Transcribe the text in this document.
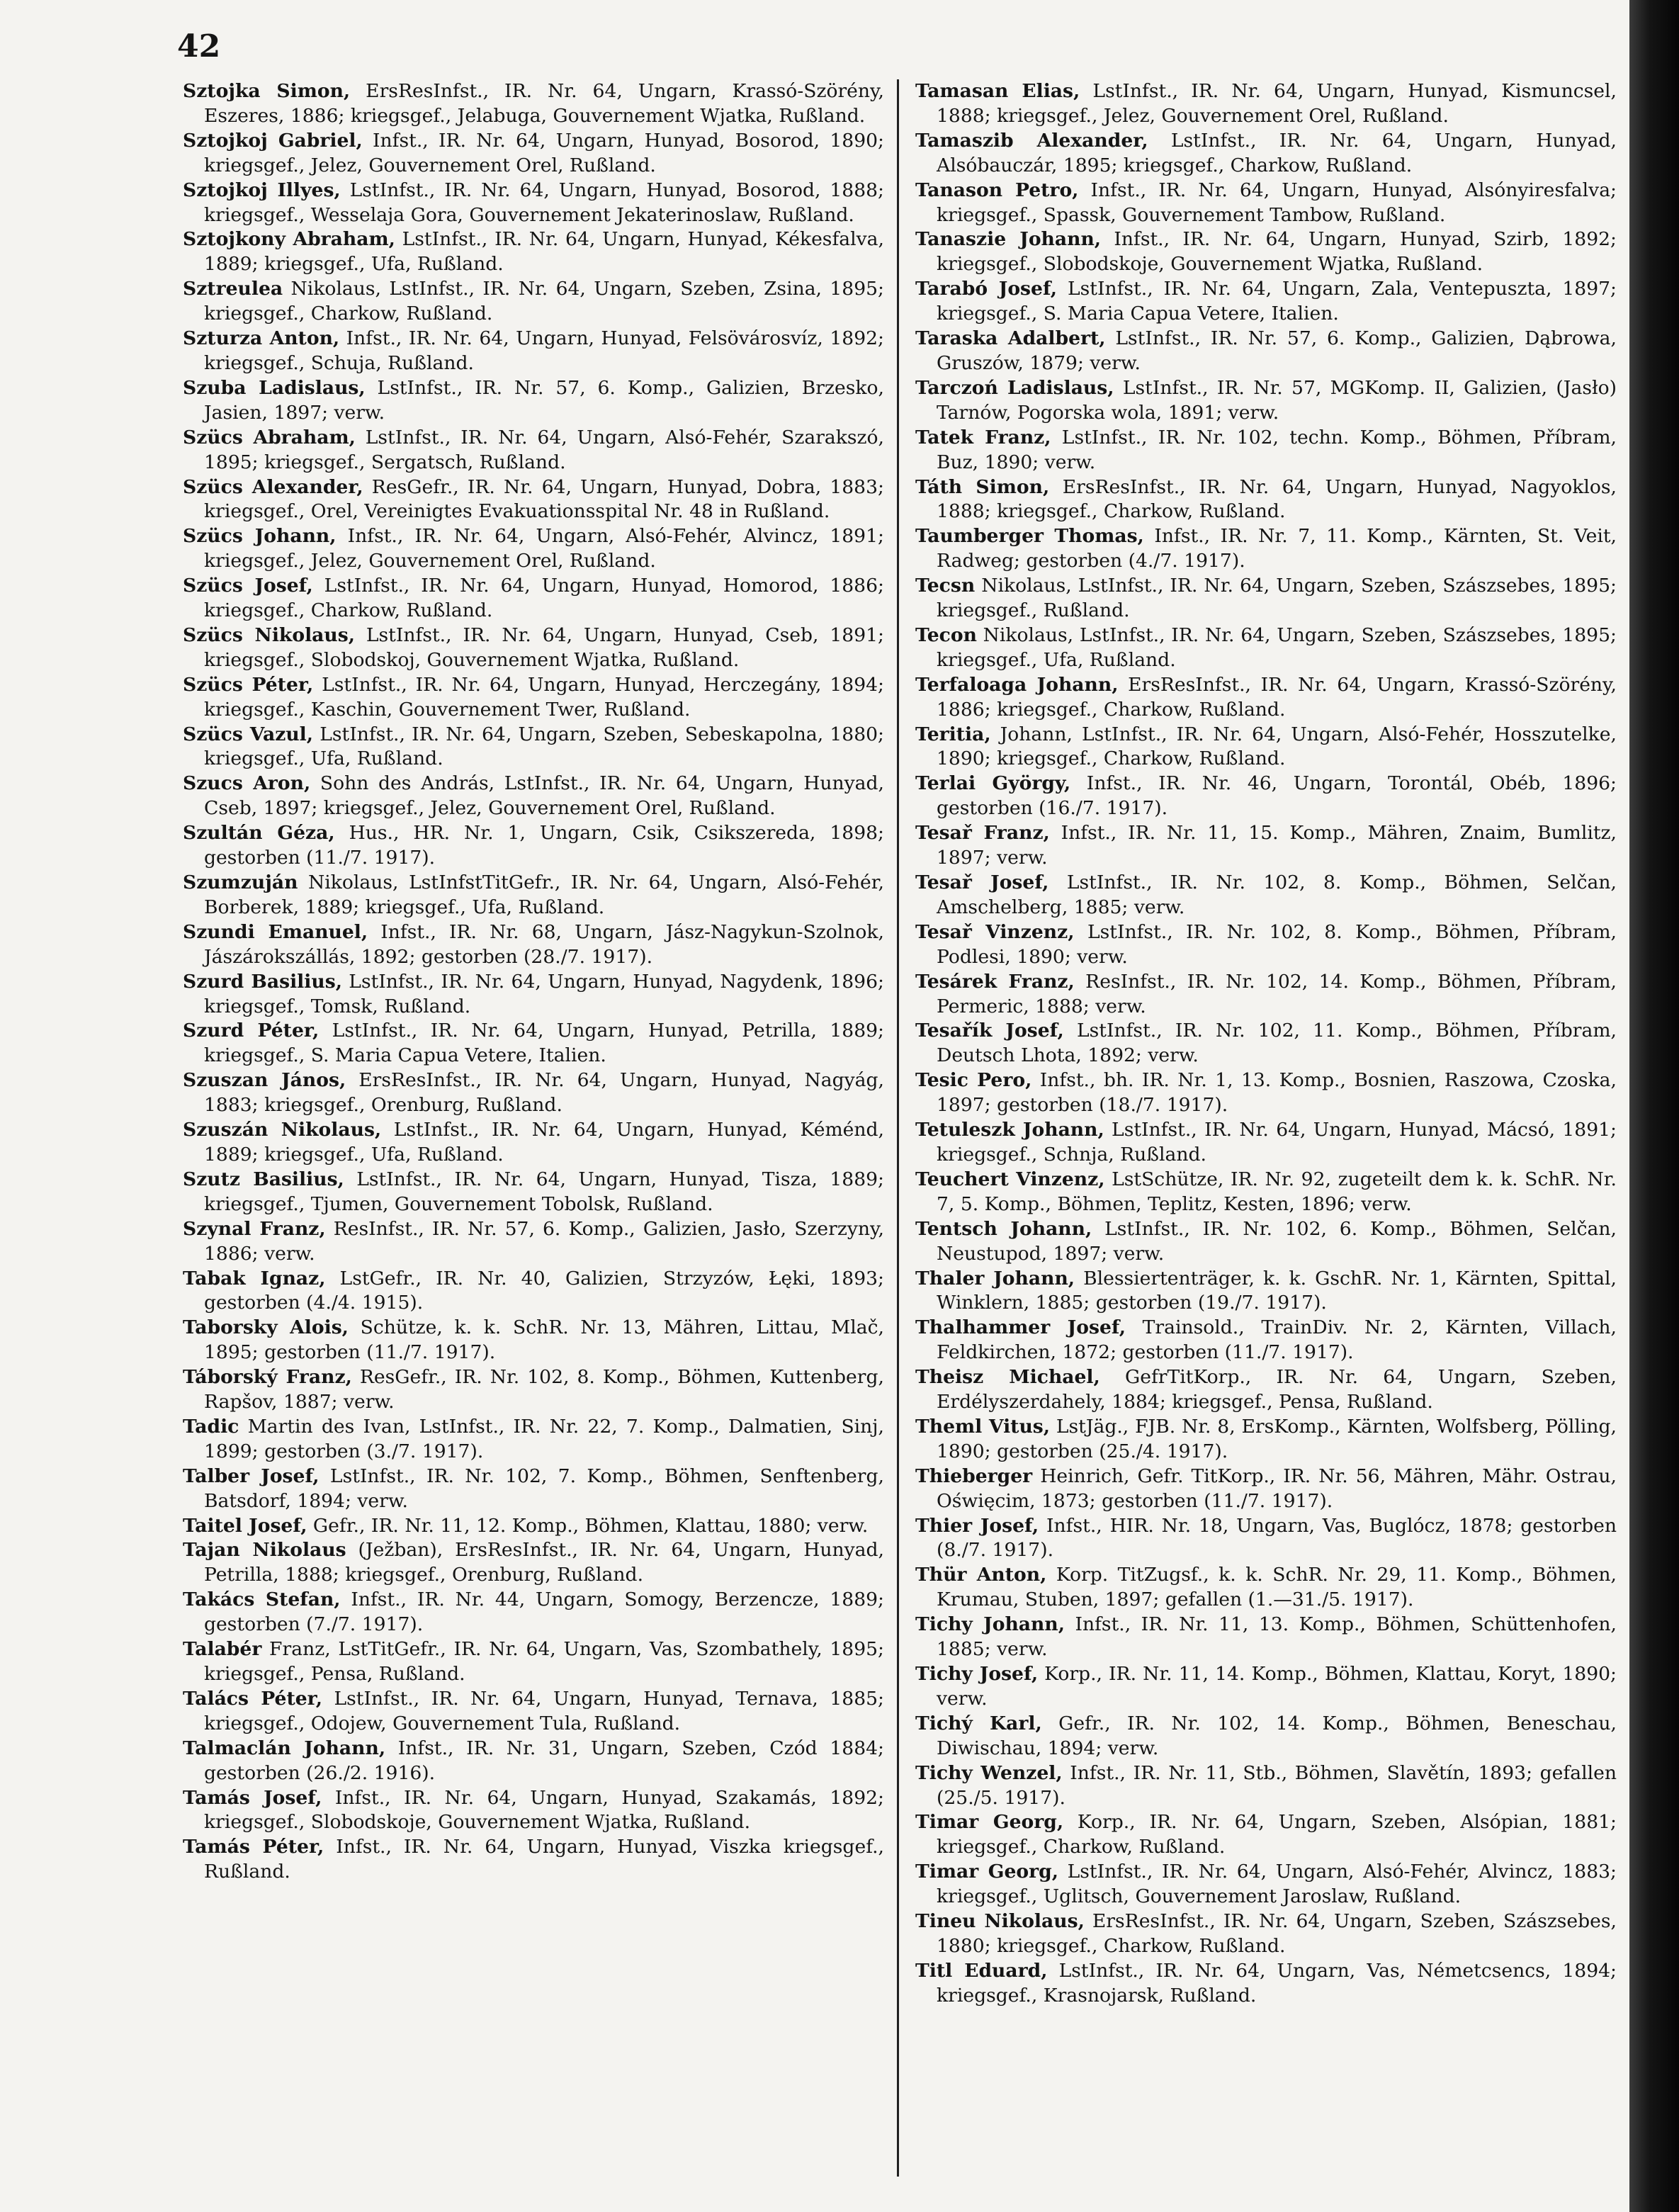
42

Sztojka Simon, ErsResInfst., IR. Nr. 64, Ungarn, Krassó-Szörény, Eszeres, 1886; kriegsgef., Jelabuga, Gouvernement Wjatka, Rußland.

Sztojkoj Gabriel, Infst., IR. Nr. 64, Ungarn, Hunyad, Bosorod, 1890; kriegsgef., Jelez, Gouvernement Orel, Rußland.

Sztojkoj Illyes, LstInfst., IR. Nr. 64, Ungarn, Hunyad, Bosorod, 1888; kriegsgef., Wesselaja Gora, Gouvernement Jekaterinoslaw, Rußland.

Sztojkony Abraham, LstInfst., IR. Nr. 64, Ungarn, Hunyad, Kékesfalva, 1889; kriegsgef., Ufa, Rußland.

Sztreulea Nikolaus, LstInfst., IR. Nr. 64, Ungarn, Szeben, Zsina, 1895; kriegsgef., Charkow, Rußland.

Szturza Anton, Infst., IR. Nr. 64, Ungarn, Hunyad, Felsövárosvíz, 1892; kriegsgef., Schuja, Rußland.

Szuba Ladislaus, LstInfst., IR. Nr. 57, 6. Komp., Galizien, Brzesko, Jasien, 1897; verw.

Szücs Abraham, LstInfst., IR. Nr. 64, Ungarn, Alsó-Fehér, Szarakszó, 1895; kriegsgef., Sergatsch, Rußland.

Szücs Alexander, ResGefr., IR. Nr. 64, Ungarn, Hunyad, Dobra, 1883; kriegsgef., Orel, Vereinigtes Evakuationsspital Nr. 48 in Rußland.

Szücs Johann, Infst., IR. Nr. 64, Ungarn, Alsó-Fehér, Alvincz, 1891; kriegsgef., Jelez, Gouvernement Orel, Rußland.

Szücs Josef, LstInfst., IR. Nr. 64, Ungarn, Hunyad, Homorod, 1886; kriegsgef., Charkow, Rußland.

Szücs Nikolaus, LstInfst., IR. Nr. 64, Ungarn, Hunyad, Cseb, 1891; kriegsgef., Slobodskoj, Gouvernement Wjatka, Rußland.

Szücs Péter, LstInfst., IR. Nr. 64, Ungarn, Hunyad, Herczegány, 1894; kriegsgef., Kaschin, Gouvernement Twer, Rußland.

Szücs Vazul, LstInfst., IR. Nr. 64, Ungarn, Szeben, Sebeskapolna, 1880; kriegsgef., Ufa, Rußland.

Szucs Aron, Sohn des András, LstInfst., IR. Nr. 64, Ungarn, Hunyad, Cseb, 1897; kriegsgef., Jelez, Gouvernement Orel, Rußland.

Szultán Géza, Hus., HR. Nr. 1, Ungarn, Csik, Csikszereda, 1898; gestorben (11./7. 1917).

Szumzuján Nikolaus, LstInfstTitGefr., IR. Nr. 64, Ungarn, Alsó-Fehér, Borberek, 1889; kriegsgef., Ufa, Rußland.

Szundi Emanuel, Infst., IR. Nr. 68, Ungarn, Jász-Nagykun-Szolnok, Jászárokszállás, 1892; gestorben (28./7. 1917).

Szurd Basilius, LstInfst., IR. Nr. 64, Ungarn, Hunyad, Nagydenk, 1896; kriegsgef., Tomsk, Rußland.

Szurd Péter, LstInfst., IR. Nr. 64, Ungarn, Hunyad, Petrilla, 1889; kriegsgef., S. Maria Capua Vetere, Italien.

Szuszan János, ErsResInfst., IR. Nr. 64, Ungarn, Hunyad, Nagyág, 1883; kriegsgef., Orenburg, Rußland.

Szuszán Nikolaus, LstInfst., IR. Nr. 64, Ungarn, Hunyad, Kéménd, 1889; kriegsgef., Ufa, Rußland.

Szutz Basilius, LstInfst., IR. Nr. 64, Ungarn, Hunyad, Tisza, 1889; kriegsgef., Tjumen, Gouvernement Tobolsk, Rußland.

Szynal Franz, ResInfst., IR. Nr. 57, 6. Komp., Galizien, Jasło, Szerzyny, 1886; verw.

Tabak Ignaz, LstGefr., IR. Nr. 40, Galizien, Strzyzów, Łęki, 1893; gestorben (4./4. 1915).

Taborsky Alois, Schütze, k. k. SchR. Nr. 13, Mähren, Littau, Mlač, 1895; gestorben (11./7. 1917).

Táborský Franz, ResGefr., IR. Nr. 102, 8. Komp., Böhmen, Kuttenberg, Rapšov, 1887; verw.

Tadic Martin des Ivan, LstInfst., IR. Nr. 22, 7. Komp., Dalmatien, Sinj, 1899; gestorben (3./7. 1917).

Talber Josef, LstInfst., IR. Nr. 102, 7. Komp., Böhmen, Senftenberg, Batsdorf, 1894; verw.

Taitel Josef, Gefr., IR. Nr. 11, 12. Komp., Böhmen, Klattau, 1880; verw.

Tajan Nikolaus (Ježban), ErsResInfst., IR. Nr. 64, Ungarn, Hunyad, Petrilla, 1888; kriegsgef., Orenburg, Rußland.

Takács Stefan, Infst., IR. Nr. 44, Ungarn, Somogy, Berzencze, 1889; gestorben (7./7. 1917).

Talabér Franz, LstTitGefr., IR. Nr. 64, Ungarn, Vas, Szombathely, 1895; kriegsgef., Pensa, Rußland.

Talács Péter, LstInfst., IR. Nr. 64, Ungarn, Hunyad, Ternava, 1885; kriegsgef., Odojew, Gouvernement Tula, Rußland.

Talmaclán Johann, Infst., IR. Nr. 31, Ungarn, Szeben, Czód 1884; gestorben (26./2. 1916).

Tamás Josef, Infst., IR. Nr. 64, Ungarn, Hunyad, Szakamás, 1892; kriegsgef., Slobodskoje, Gouvernement Wjatka, Rußland.

Tamás Péter, Infst., IR. Nr. 64, Ungarn, Hunyad, Viszka kriegsgef., Rußland.

Tamasan Elias, LstInfst., IR. Nr. 64, Ungarn, Hunyad, Kismuncsel, 1888; kriegsgef., Jelez, Gouvernement Orel, Rußland.

Tamaszib Alexander, LstInfst., IR. Nr. 64, Ungarn, Hunyad, Alsóbauczár, 1895; kriegsgef., Charkow, Rußland.

Tanason Petro, Infst., IR. Nr. 64, Ungarn, Hunyad, Alsónyiresfalva; kriegsgef., Spassk, Gouvernement Tambow, Rußland.

Tanaszie Johann, Infst., IR. Nr. 64, Ungarn, Hunyad, Szirb, 1892; kriegsgef., Slobodskoje, Gouvernement Wjatka, Rußland.

Tarabó Josef, LstInfst., IR. Nr. 64, Ungarn, Zala, Ventepuszta, 1897; kriegsgef., S. Maria Capua Vetere, Italien.

Taraska Adalbert, LstInfst., IR. Nr. 57, 6. Komp., Galizien, Dąbrowa, Gruszów, 1879; verw.

Tarczoń Ladislaus, LstInfst., IR. Nr. 57, MGKomp. II, Galizien, (Jasło) Tarnów, Pogorska wola, 1891; verw.

Tatek Franz, LstInfst., IR. Nr. 102, techn. Komp., Böhmen, Příbram, Buz, 1890; verw.

Táth Simon, ErsResInfst., IR. Nr. 64, Ungarn, Hunyad, Nagyoklos, 1888; kriegsgef., Charkow, Rußland.

Taumberger Thomas, Infst., IR. Nr. 7, 11. Komp., Kärnten, St. Veit, Radweg; gestorben (4./7. 1917).

Tecsn Nikolaus, LstInfst., IR. Nr. 64, Ungarn, Szeben, Szászsebes, 1895; kriegsgef., Rußland.

Tecon Nikolaus, LstInfst., IR. Nr. 64, Ungarn, Szeben, Szászsebes, 1895; kriegsgef., Ufa, Rußland.

Terfaloaga Johann, ErsResInfst., IR. Nr. 64, Ungarn, Krassó-Szörény, 1886; kriegsgef., Charkow, Rußland.

Teritia, Johann, LstInfst., IR. Nr. 64, Ungarn, Alsó-Fehér, Hosszutelke, 1890; kriegsgef., Charkow, Rußland.

Terlai György, Infst., IR. Nr. 46, Ungarn, Torontál, Obéb, 1896; gestorben (16./7. 1917).

Tesař Franz, Infst., IR. Nr. 11, 15. Komp., Mähren, Znaim, Bumlitz, 1897; verw.

Tesař Josef, LstInfst., IR. Nr. 102, 8. Komp., Böhmen, Selčan, Amschelberg, 1885; verw.

Tesař Vinzenz, LstInfst., IR. Nr. 102, 8. Komp., Böhmen, Příbram, Podlesi, 1890; verw.

Tesárek Franz, ResInfst., IR. Nr. 102, 14. Komp., Böhmen, Příbram, Permeric, 1888; verw.

Tesařík Josef, LstInfst., IR. Nr. 102, 11. Komp., Böhmen, Příbram, Deutsch Lhota, 1892; verw.

Tesic Pero, Infst., bh. IR. Nr. 1, 13. Komp., Bosnien, Raszowa, Czoska, 1897; gestorben (18./7. 1917).

Tetuleszk Johann, LstInfst., IR. Nr. 64, Ungarn, Hunyad, Mácsó, 1891; kriegsgef., Schnja, Rußland.

Teuchert Vinzenz, LstSchütze, IR. Nr. 92, zugeteilt dem k. k. SchR. Nr. 7, 5. Komp., Böhmen, Teplitz, Kesten, 1896; verw.

Tentsch Johann, LstInfst., IR. Nr. 102, 6. Komp., Böhmen, Selčan, Neustupod, 1897; verw.

Thaler Johann, Blessiertenträger, k. k. GschR. Nr. 1, Kärnten, Spittal, Winklern, 1885; gestorben (19./7. 1917).

Thalhammer Josef, Trainsold., TrainDiv. Nr. 2, Kärnten, Villach, Feldkirchen, 1872; gestorben (11./7. 1917).

Theisz Michael, GefrTitKorp., IR. Nr. 64, Ungarn, Szeben, Erdélyszerdahely, 1884; kriegsgef., Pensa, Rußland.

Theml Vitus, LstJäg., FJB. Nr. 8, ErsKomp., Kärnten, Wolfsberg, Pölling, 1890; gestorben (25./4. 1917).

Thieberger Heinrich, Gefr. TitKorp., IR. Nr. 56, Mähren, Mähr. Ostrau, Oświęcim, 1873; gestorben (11./7. 1917).

Thier Josef, Infst., HIR. Nr. 18, Ungarn, Vas, Buglócz, 1878; gestorben (8./7. 1917).

Thür Anton, Korp. TitZugsf., k. k. SchR. Nr. 29, 11. Komp., Böhmen, Krumau, Stuben, 1897; gefallen (1.—31./5. 1917).

Tichy Johann, Infst., IR. Nr. 11, 13. Komp., Böhmen, Schüttenhofen, 1885; verw.

Tichy Josef, Korp., IR. Nr. 11, 14. Komp., Böhmen, Klattau, Koryt, 1890; verw.

Tichý Karl, Gefr., IR. Nr. 102, 14. Komp., Böhmen, Beneschau, Diwischau, 1894; verw.

Tichy Wenzel, Infst., IR. Nr. 11, Stb., Böhmen, Slavětín, 1893; gefallen (25./5. 1917).

Timar Georg, Korp., IR. Nr. 64, Ungarn, Szeben, Alsópian, 1881; kriegsgef., Charkow, Rußland.

Timar Georg, LstInfst., IR. Nr. 64, Ungarn, Alsó-Fehér, Alvincz, 1883; kriegsgef., Uglitsch, Gouvernement Jaroslaw, Rußland.

Tineu Nikolaus, ErsResInfst., IR. Nr. 64, Ungarn, Szeben, Szászsebes, 1880; kriegsgef., Charkow, Rußland.

Titl Eduard, LstInfst., IR. Nr. 64, Ungarn, Vas, Németcsencs, 1894; kriegsgef., Krasnojarsk, Rußland.
